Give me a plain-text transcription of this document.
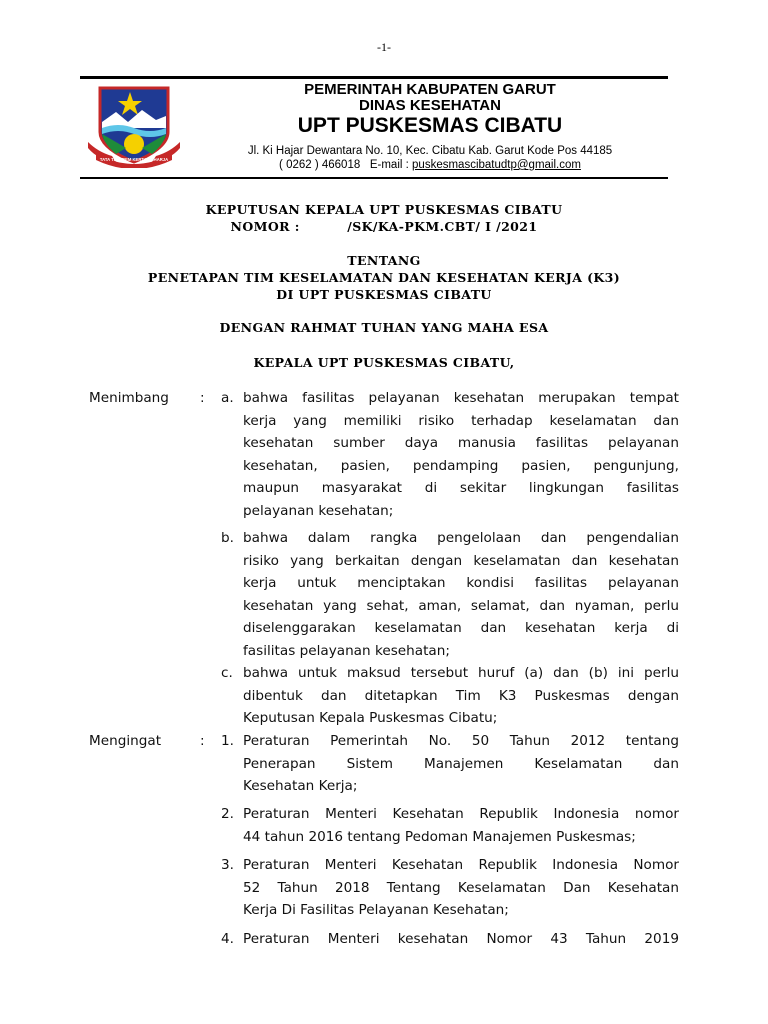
-1-
TATA TENTREM KERTA RAHARJA
PEMERINTAH KABUPATEN GARUT
DINAS KESEHATAN
UPT PUSKESMAS CIBATU
Jl. Ki Hajar Dewantara No. 10, Kec. Cibatu Kab. Garut Kode Pos 44185
( 0262 ) 466018 E-mail : puskesmascibatudtp@gmail.com
KEPUTUSAN KEPALA UPT PUSKESMAS CIBATU
NOMOR :	/SK/KA-PKM.CBT/ I /2021
TENTANG
PENETAPAN TIM KESELAMATAN DAN KESEHATAN KERJA (K3)
DI UPT PUSKESMAS CIBATU
DENGAN RAHMAT TUHAN YANG MAHA ESA
KEPALA UPT PUSKESMAS CIBATU,
Menimbang : a. bahwa fasilitas pelayanan kesehatan merupakan tempat
kerja yang memiliki risiko terhadap keselamatan dan
kesehatan sumber daya manusia fasilitas pelayanan
kesehatan, pasien, pendamping pasien, pengunjung,
maupun masyarakat di sekitar lingkungan fasilitas
pelayanan kesehatan;
b. bahwa dalam rangka pengelolaan dan pengendalian
risiko yang berkaitan dengan keselamatan dan kesehatan
kerja untuk menciptakan kondisi fasilitas pelayanan
kesehatan yang sehat, aman, selamat, dan nyaman, perlu
diselenggarakan keselamatan dan kesehatan kerja di
fasilitas pelayanan kesehatan;
c. bahwa untuk maksud tersebut huruf (a) dan (b) ini perlu
dibentuk dan ditetapkan Tim K3 Puskesmas dengan
Keputusan Kepala Puskesmas Cibatu;
Mengingat	: 1. Peraturan Pemerintah No. 50 Tahun 2012 tentang
Penerapan Sistem Manajemen Keselamatan dan
Kesehatan Kerja;
2. Peraturan Menteri Kesehatan Republik Indonesia nomor
44 tahun 2016 tentang Pedoman Manajemen Puskesmas;
3. Peraturan Menteri Kesehatan Republik Indonesia Nomor
52 Tahun 2018 Tentang Keselamatan Dan Kesehatan
Kerja Di Fasilitas Pelayanan Kesehatan;
4. Peraturan Menteri kesehatan Nomor 43 Tahun 2019
